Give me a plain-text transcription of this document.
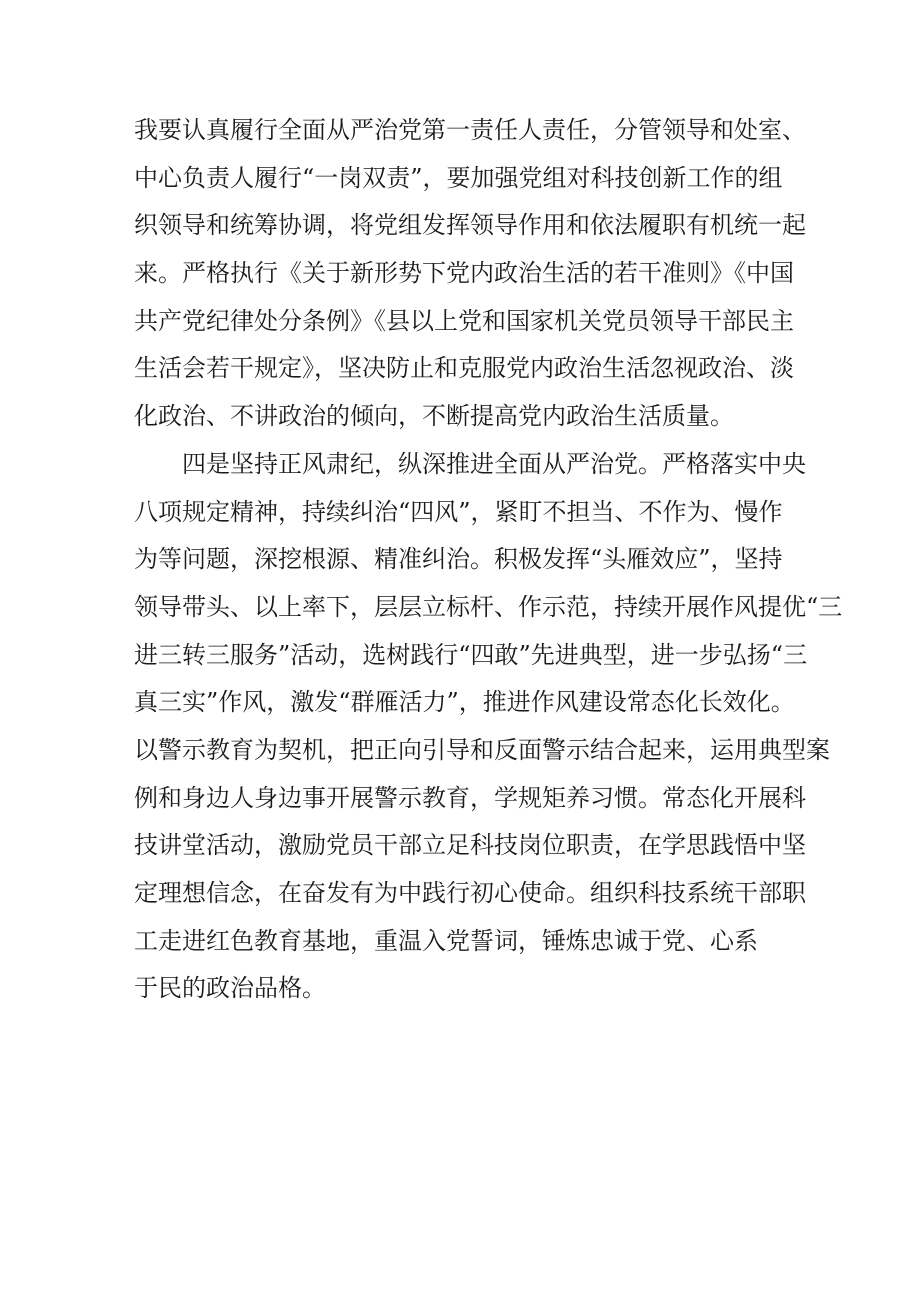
我要认真履行全面从严治党第一责任人责任，分管领导和处室、
中心负责人履行“一岗双责”，要加强党组对科技创新工作的组
织领导和统筹协调，将党组发挥领导作用和依法履职有机统一起
来。严格执行《关于新形势下党内政治生活的若干准则》《中国
共产党纪律处分条例》《县以上党和国家机关党员领导干部民主
生活会若干规定》，坚决防止和克服党内政治生活忽视政治、淡
化政治、不讲政治的倾向，不断提高党内政治生活质量。
四是坚持正风肃纪，纵深推进全面从严治党。严格落实中央
八项规定精神，持续纠治“四风”，紧盯不担当、不作为、慢作
为等问题，深挖根源、精准纠治。积极发挥“头雁效应”，坚持
领导带头、以上率下，层层立标杆、作示范，持续开展作风提优“三
进三转三服务”活动，选树践行“四敢”先进典型，进一步弘扬“三
真三实”作风，激发“群雁活力”，推进作风建设常态化长效化。
以警示教育为契机，把正向引导和反面警示结合起来，运用典型案
例和身边人身边事开展警示教育，学规矩养习惯。常态化开展科
技讲堂活动，激励党员干部立足科技岗位职责，在学思践悟中坚
定理想信念，在奋发有为中践行初心使命。组织科技系统干部职
工走进红色教育基地，重温入党誓词，锤炼忠诚于党、心系
于民的政治品格。
